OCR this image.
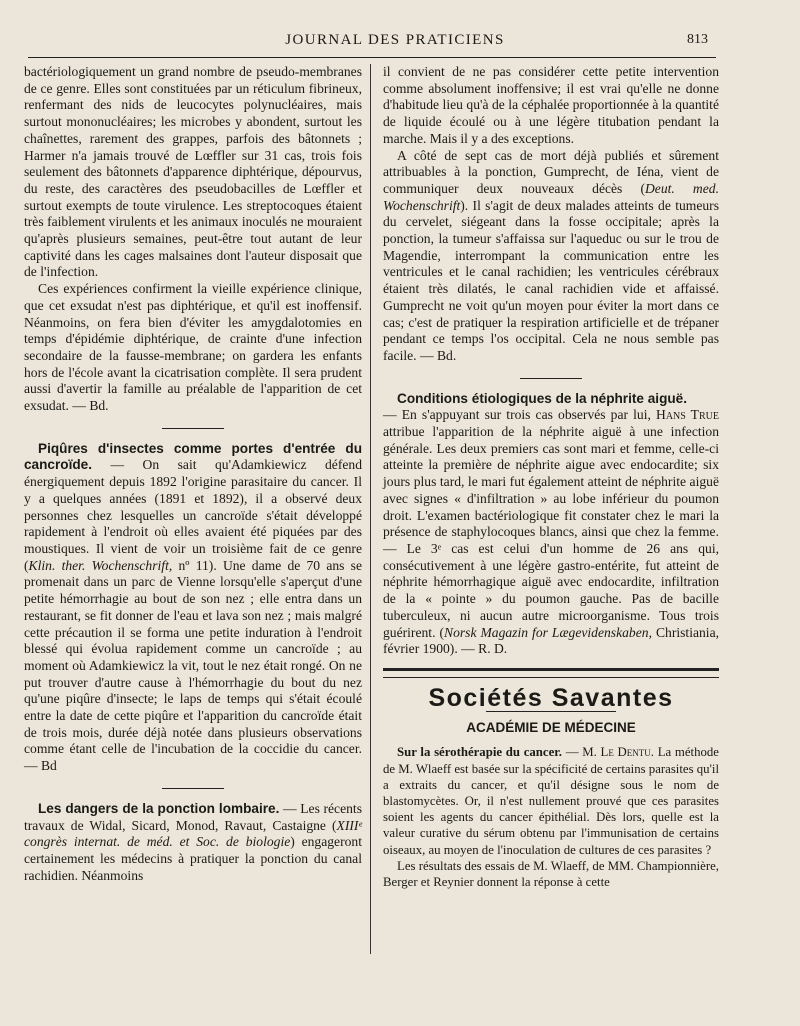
JOURNAL DES PRATICIENS	813

bactériologiquement un grand nombre de pseudo-membranes de ce genre. Elles sont constituées par un réticulum fibrineux, renfermant des nids de leucocytes polynucléaires, mais surtout mononucléaires; les microbes y abondent, surtout les chaînettes, rarement des grappes, parfois des bâtonnets ; Harmer n'a jamais trouvé de Lœffler sur 31 cas, trois fois seulement des bâtonnets d'apparence diphtérique, dépourvus, du reste, des caractères des pseudobacilles de Lœffler et surtout exempts de toute virulence. Les streptocoques étaient très faiblement virulents et les animaux inoculés ne mouraient qu'après plusieurs semaines, peut-être tout autant de leur captivité dans les cages malsaines dont l'auteur disposait que de l'infection.

Ces expériences confirment la vieille expérience clinique, que cet exsudat n'est pas diphtérique, et qu'il est inoffensif. Néanmoins, on fera bien d'éviter les amygdalotomies en temps d'épidémie diphtérique, de crainte d'une infection secondaire de la fausse-membrane; on gardera les enfants hors de l'école avant la cicatrisation complète. Il sera prudent aussi d'avertir la famille au préalable de l'apparition de cet exsudat. — Bd.

Piqûres d'insectes comme portes d'entrée du cancroïde. — On sait qu'Adamkiewicz défend énergiquement depuis 1892 l'origine parasitaire du cancer. Il y a quelques années (1891 et 1892), il a observé deux personnes chez lesquelles un cancroïde s'était développé rapidement à l'endroit où elles avaient été piquées par des moustiques. Il vient de voir un troisième fait de ce genre (Klin. ther. Wochenschrift, nº 11). Une dame de 70 ans se promenait dans un parc de Vienne lorsqu'elle s'aperçut d'une petite hémorrhagie au bout de son nez ; elle entra dans un restaurant, se fit donner de l'eau et lava son nez ; mais malgré cette précaution il se forma une petite induration à l'endroit blessé qui évolua rapidement comme un cancroïde ; au moment où Adamkiewicz la vit, tout le nez était rongé. On ne put trouver d'autre cause à l'hémorrhagie du bout du nez qu'une piqûre d'insecte; le laps de temps qui s'était écoulé entre la date de cette piqûre et l'apparition du cancroïde était de trois mois, durée déjà notée dans plusieurs observations comme étant celle de l'incubation de la coccidie du cancer. — Bd

Les dangers de la ponction lombaire. — Les récents travaux de Widal, Sicard, Monod, Ravaut, Castaigne (XIIIᵉ congrès internat. de méd. et Soc. de biologie) engageront certainement les médecins à pratiquer la ponction du canal rachidien. Néanmoins

il convient de ne pas considérer cette petite intervention comme absolument inoffensive; il est vrai qu'elle ne donne d'habitude lieu qu'à de la céphalée proportionnée à la quantité de liquide écoulé ou à une légère titubation pendant la marche. Mais il y a des exceptions.

A côté de sept cas de mort déjà publiés et sûrement attribuables à la ponction, Gumprecht, de Iéna, vient de communiquer deux nouveaux décès (Deut. med. Wochenschrift). Il s'agit de deux malades atteints de tumeurs du cervelet, siégeant dans la fosse occipitale; après la ponction, la tumeur s'affaissa sur l'aqueduc ou sur le trou de Magendie, interrompant la communication entre les ventricules et le canal rachidien; les ventricules cérébraux étaient très dilatés, le canal rachidien vide et affaissé. Gumprecht ne voit qu'un moyen pour éviter la mort dans ce cas; c'est de pratiquer la respiration artificielle et de trépaner pendant ce temps l'os occipital. Cela ne nous semble pas facile. — Bd.

Conditions étiologiques de la néphrite aiguë.
— En s'appuyant sur trois cas observés par lui, Hans True attribue l'apparition de la néphrite aiguë à une infection générale. Les deux premiers cas sont mari et femme, celle-ci atteinte la première de néphrite aigue avec endocardite; six jours plus tard, le mari fut également atteint de néphrite aiguë avec signes « d'infiltration » au lobe inférieur du poumon droit. L'examen bactériologique fit constater chez le mari la présence de staphylocoques blancs, ainsi que chez la femme. — Le 3ᵉ cas est celui d'un homme de 26 ans qui, consécutivement à une légère gastro-entérite, fut atteint de néphrite hémorrhagique aiguë avec endocardite, infiltration de la « pointe » du poumon gauche. Pas de bacille tuberculeux, ni aucun autre microorganisme. Tous trois guérirent. (Norsk Magazin for Lægevidenskaben, Christiania, février 1900). — R. D.

Sociétés Savantes
ACADÉMIE DE MÉDECINE

Sur la sérothérapie du cancer. — M. Le Dentu. La méthode de M. Wlaeff est basée sur la spécificité de certains parasites qu'il a extraits du cancer, et qu'il désigne sous le nom de blastomycètes. Or, il n'est nullement prouvé que ces parasites soient les agents du cancer épithélial. Dès lors, quelle est la valeur curative du sérum obtenu par l'immunisation de certains oiseaux, au moyen de l'inoculation de cultures de ces parasites ?

Les résultats des essais de M. Wlaeff, de MM. Championnière, Berger et Reynier donnent la réponse à cette
